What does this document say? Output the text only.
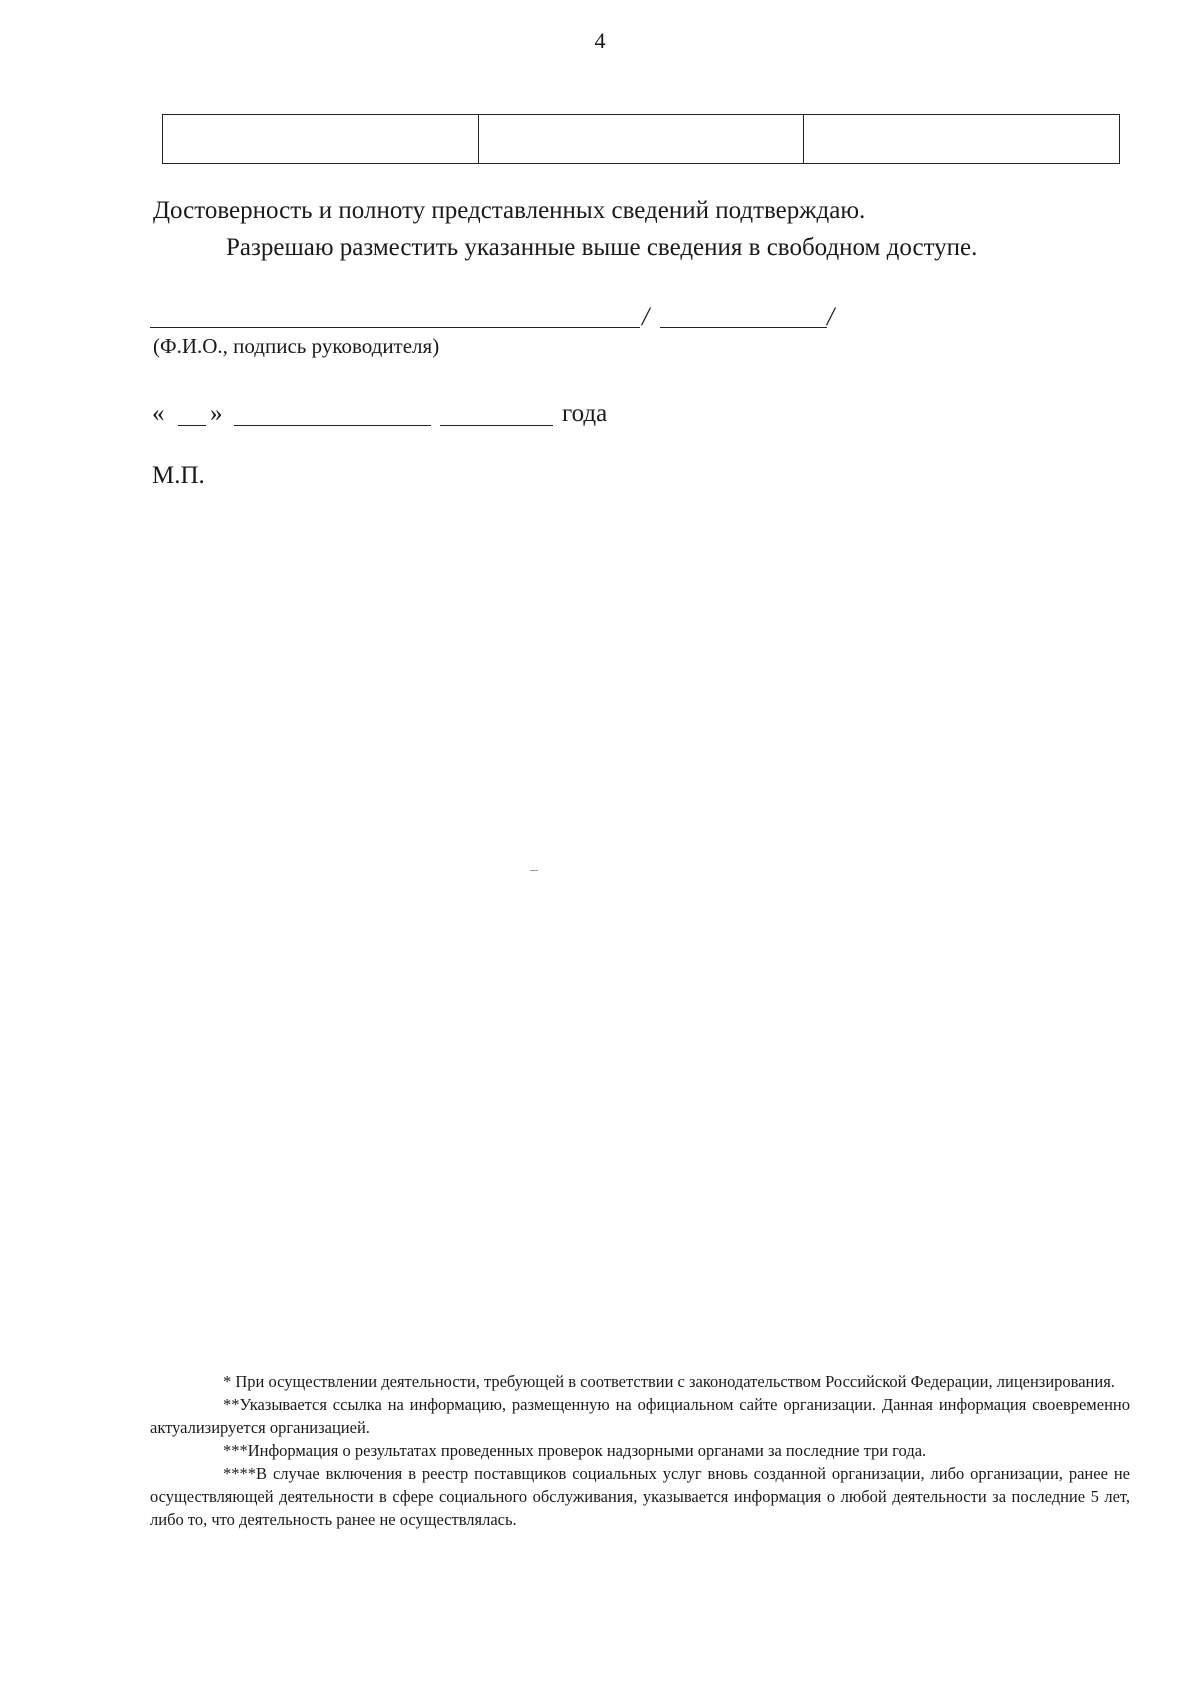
4

Достоверность и полноту представленных сведений подтверждаю.
Разрешаю разместить указанные выше сведения в свободном доступе.
/	/
(Ф.И.О., подпись руководителя)
« »	года
М.П.

* При осуществлении деятельности, требующей в соответствии с законодательством Российской Федерации, лицензирования.

**Указывается ссылка на информацию, размещенную на официальном сайте организации. Данная информация своевременно актуализируется организацией.

***Информация о результатах проведенных проверок надзорными органами за последние три года.

****В случае включения в реестр поставщиков социальных услуг вновь созданной организации, либо организации, ранее не осуществляющей деятельности в сфере социального обслуживания, указывается информация о любой деятельности за последние 5 лет, либо то, что деятельность ранее не осуществлялась.
